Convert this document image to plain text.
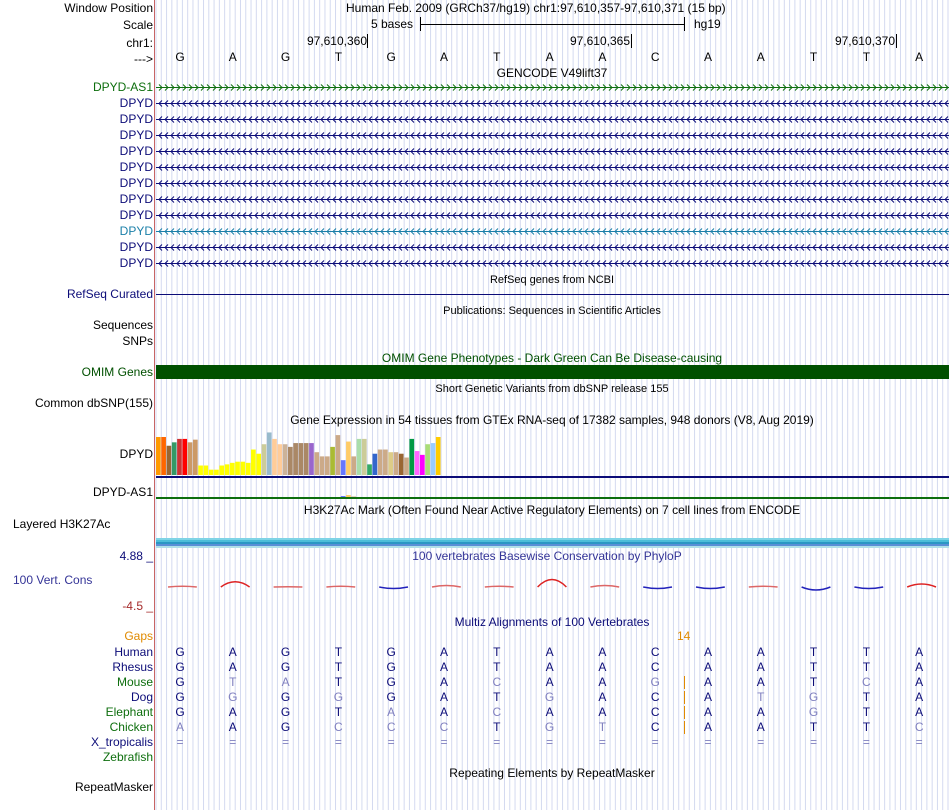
Window Position	Human Feb. 2009 (GRCh37/hg19) chr1:97,610,357-97,610,371 (15 bp)
Scale	5 bases	hg19
chr1:	97,610,360	97,610,365	97,610,370
--->	G	A	G	T	G	A	T	A	A	C	A	A	T	T	A
GENCODE V49lift37
DPYD-AS1
DPYD
DPYD
DPYD
DPYD
DPYD
DPYD
DPYD
DPYD
DPYD
DPYD
DPYD
RefSeq genes from NCBI
RefSeq Curated
Publications: Sequences in Scientific Articles
Sequences
SNPs
OMIM Gene Phenotypes - Dark Green Can Be Disease-causing
OMIM Genes
Short Genetic Variants from dbSNP release 155
Common dbSNP(155)
Gene Expression in 54 tissues from GTEx RNA-seq of 17382 samples, 948 donors (V8, Aug 2019)
DPYD
DPYD-AS1
H3K27Ac Mark (Often Found Near Active Regulatory Elements) on 7 cell lines from ENCODE
Layered H3K27Ac
4.88 _	100 vertebrates Basewise Conservation by PhyloP
100 Vert. Cons
-4.5 _
Multiz Alignments of 100 Vertebrates
Gaps	14
Human	G	A	G	T	G	A	T	A	A	C	A	A	T	T	A
Rhesus	G	A	G	T	G	A	T	A	A	C	A	A	T	T	A
Mouse	G	T	A	T	G	A	C	A	A	G	A	A	T	C	A
Dog	G	G	G	G	G	A	T	G	A	C	A	T	G	T	A
Elephant	G	A	G	T	A	A	C	A	A	C	A	A	G	T	A
Chicken	A	A	G	C	C	C	T	G	T	C	A	A	T	T	C
X_tropicalis	=	=	=	=	=	=	=	=	=	=	=	=	=	=	=
Zebrafish
Repeating Elements by RepeatMasker
RepeatMasker
